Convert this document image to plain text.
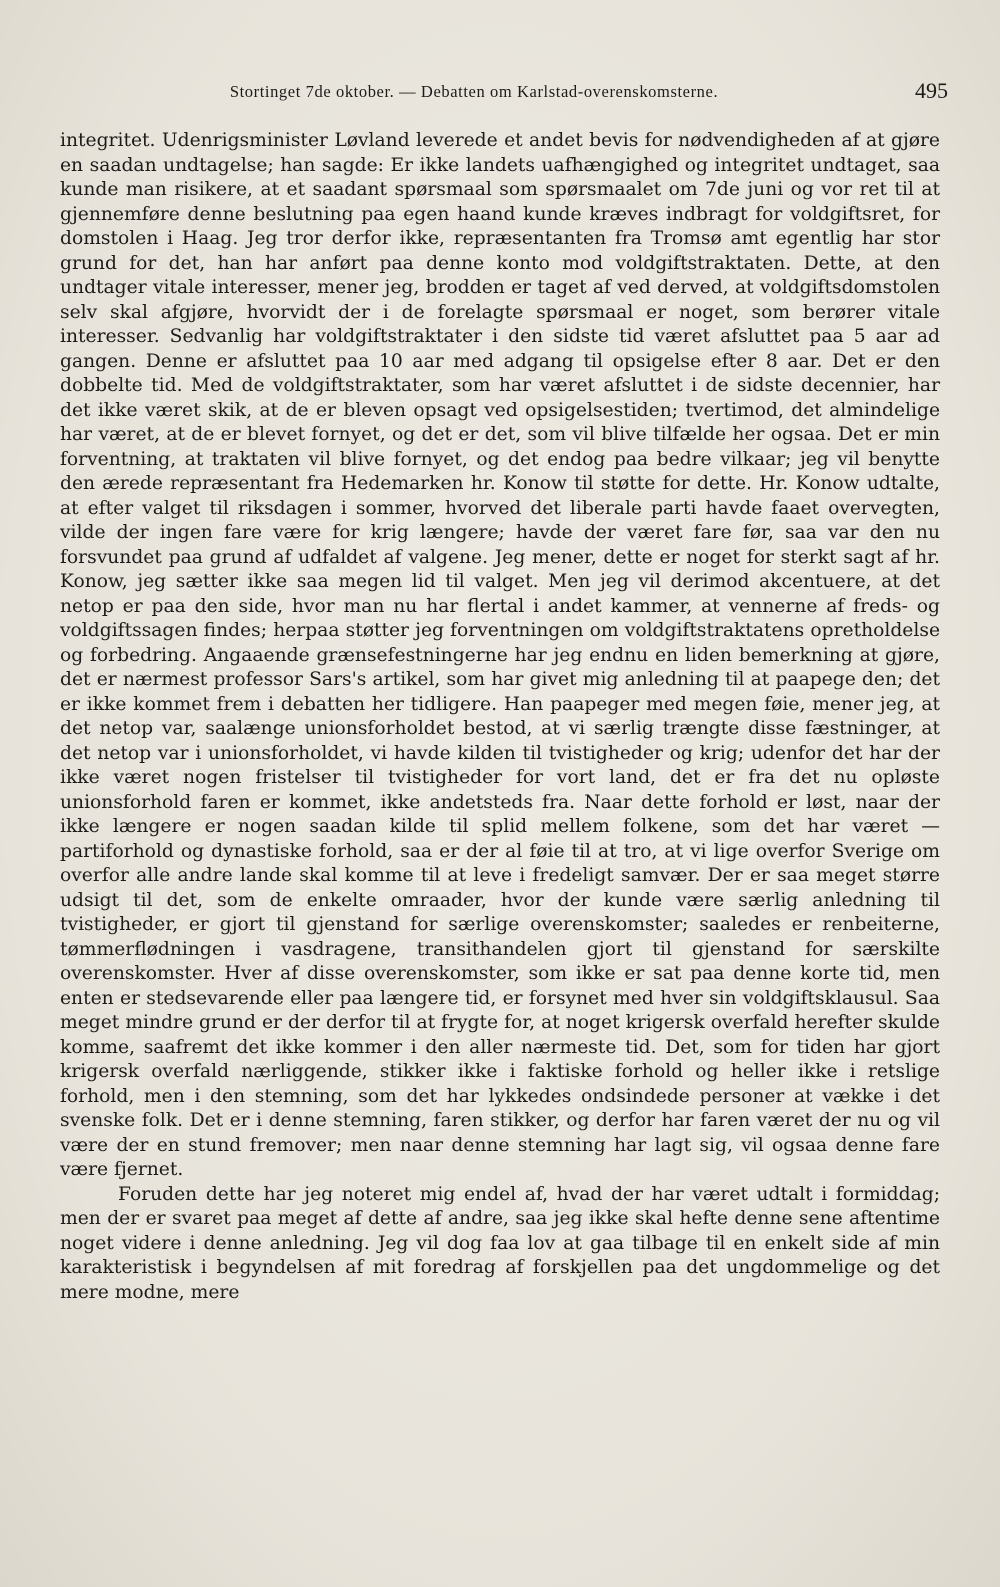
Stortinget 7de oktober. — Debatten om Karlstad-overenskomsterne.	495

integritet. Udenrigsminister Løvland leverede et andet bevis for nødvendigheden af at gjøre en saadan undtagelse; han sagde: Er ikke landets uafhængighed og integritet undtaget, saa kunde man risikere, at et saadant spørsmaal som spørsmaalet om 7de juni og vor ret til at gjennemføre denne beslutning paa egen haand kunde kræves indbragt for voldgiftsret, for domstolen i Haag. Jeg tror derfor ikke, repræsentanten fra Tromsø amt egentlig har stor grund for det, han har anført paa denne konto mod voldgiftstraktaten. Dette, at den undtager vitale interesser, mener jeg, brodden er taget af ved derved, at voldgiftsdomstolen selv skal afgjøre, hvorvidt der i de forelagte spørsmaal er noget, som berører vitale interesser. Sedvanlig har voldgiftstraktater i den sidste tid været afsluttet paa 5 aar ad gangen. Denne er afsluttet paa 10 aar med adgang til opsigelse efter 8 aar. Det er den dobbelte tid. Med de voldgiftstraktater, som har været afsluttet i de sidste decennier, har det ikke været skik, at de er bleven opsagt ved opsigelsestiden; tvertimod, det almindelige har været, at de er blevet fornyet, og det er det, som vil blive tilfælde her ogsaa. Det er min forventning, at traktaten vil blive fornyet, og det endog paa bedre vilkaar; jeg vil benytte den ærede repræsentant fra Hedemarken hr. Konow til støtte for dette. Hr. Konow udtalte, at efter valget til riksdagen i sommer, hvorved det liberale parti havde faaet overvegten, vilde der ingen fare være for krig længere; havde der været fare før, saa var den nu forsvundet paa grund af udfaldet af valgene. Jeg mener, dette er noget for sterkt sagt af hr. Konow, jeg sætter ikke saa megen lid til valget. Men jeg vil derimod akcentuere, at det netop er paa den side, hvor man nu har flertal i andet kammer, at vennerne af freds- og voldgiftssagen findes; herpaa støtter jeg forventningen om voldgiftstraktatens opretholdelse og forbedring. Angaaende grænsefestningerne har jeg endnu en liden bemerkning at gjøre, det er nærmest professor Sars's artikel, som har givet mig anledning til at paapege den; det er ikke kommet frem i debatten her tidligere. Han paapeger med megen føie, mener jeg, at det netop var, saalænge unionsforholdet bestod, at vi særlig trængte disse fæstninger, at det netop var i unionsforholdet, vi havde kilden til tvistigheder og krig; udenfor det har der ikke været nogen fristelser til tvistigheder for vort land, det er fra det nu opløste unionsforhold faren er kommet, ikke andetsteds fra. Naar dette forhold er løst, naar der ikke længere er nogen saadan kilde til splid mellem folkene, som det har været — partiforhold og dynastiske forhold, saa er der al føie til at tro, at vi lige overfor Sverige om overfor alle andre lande skal komme til at leve i fredeligt samvær. Der er saa meget større udsigt til det, som de enkelte omraader, hvor der kunde være særlig anledning til tvistigheder, er gjort til gjenstand for særlige overenskomster; saaledes er renbeiterne, tømmerflødningen i vasdragene, transithandelen gjort til gjenstand for særskilte overenskomster. Hver af disse overenskomster, som ikke er sat paa denne korte tid, men enten er stedsevarende eller paa længere tid, er forsynet med hver sin voldgiftsklausul. Saa meget mindre grund er der derfor til at frygte for, at noget krigersk overfald herefter skulde komme, saafremt det ikke kommer i den aller nærmeste tid. Det, som for tiden har gjort krigersk overfald nærliggende, stikker ikke i faktiske forhold og heller ikke i retslige forhold, men i den stemning, som det har lykkedes ondsindede personer at vække i det svenske folk. Det er i denne stemning, faren stikker, og derfor har faren været der nu og vil være der en stund fremover; men naar denne stemning har lagt sig, vil ogsaa denne fare være fjernet.

Foruden dette har jeg noteret mig endel af, hvad der har været udtalt i formiddag; men der er svaret paa meget af dette af andre, saa jeg ikke skal hefte denne sene aftentime noget videre i denne anledning. Jeg vil dog faa lov at gaa tilbage til en enkelt side af min karakteristisk i begyndelsen af mit foredrag af forskjellen paa det ungdommelige og det mere modne, mere
